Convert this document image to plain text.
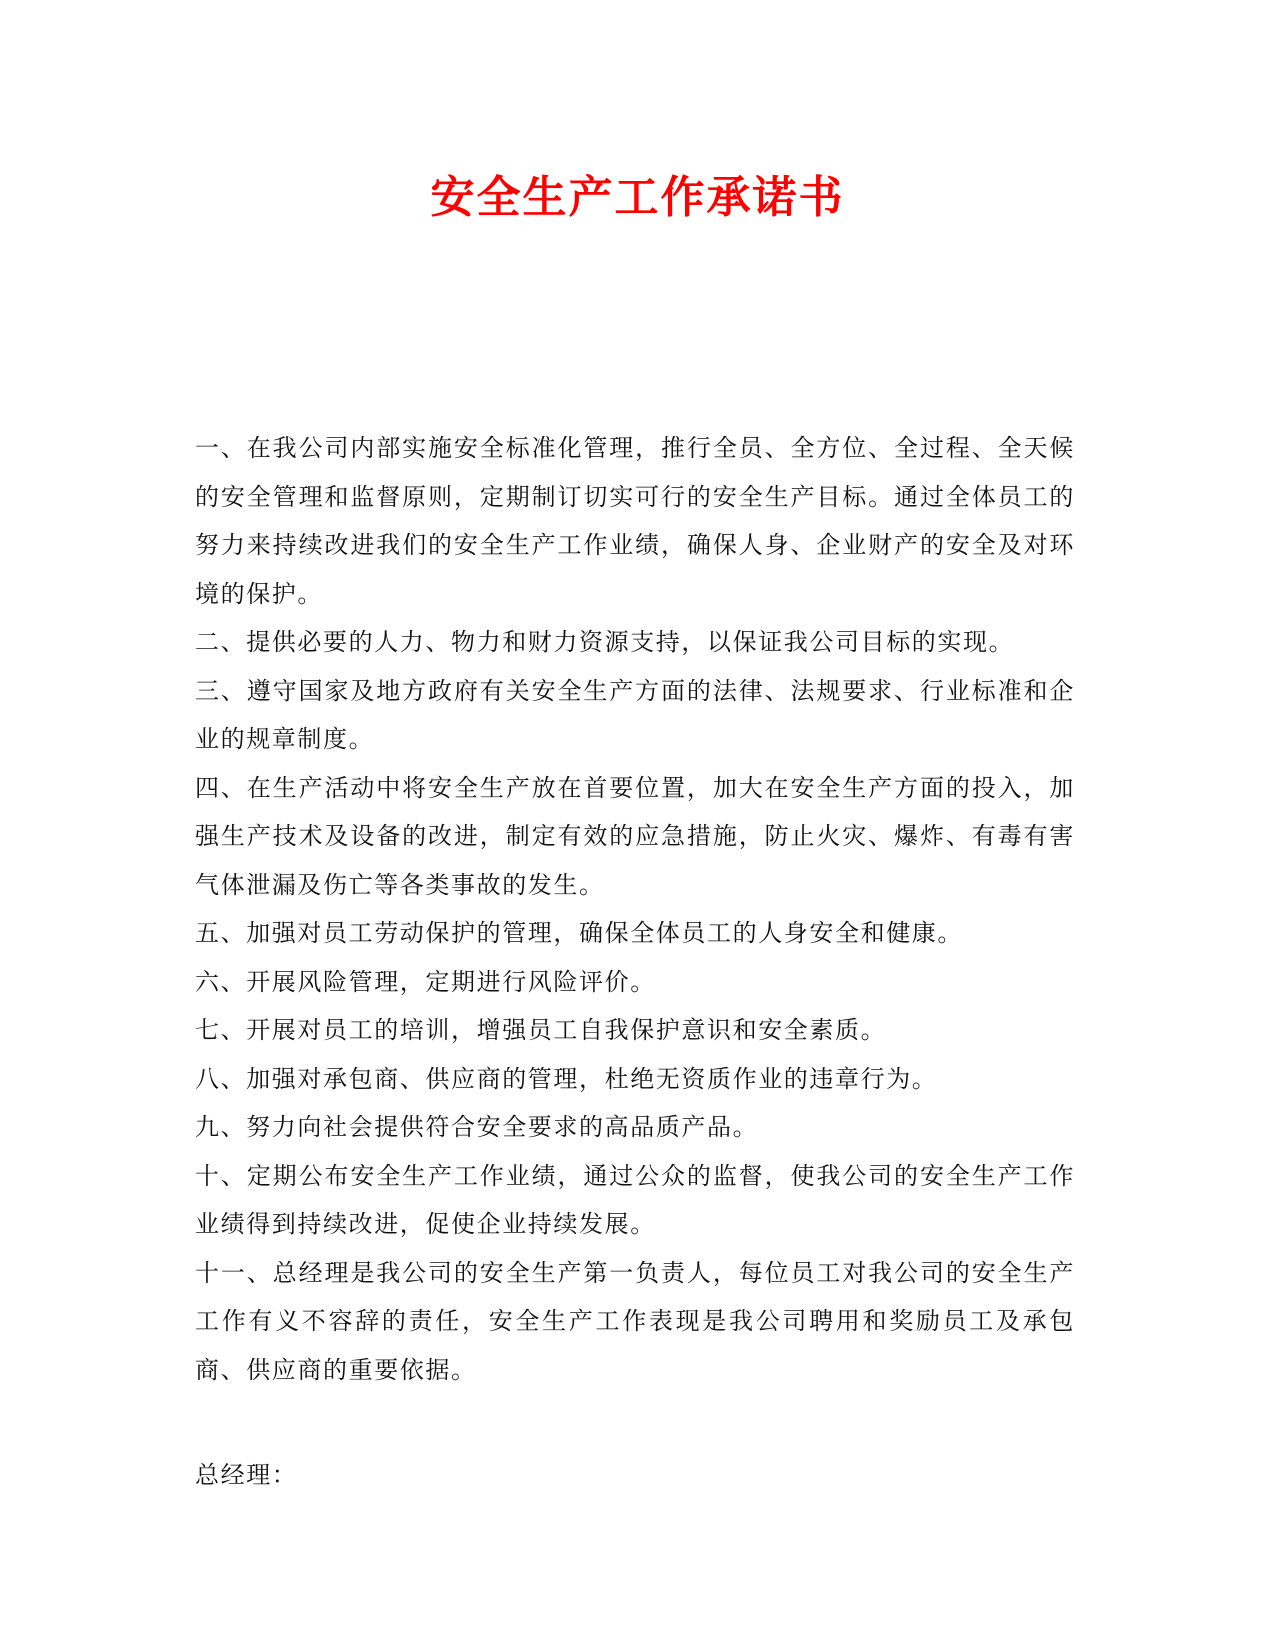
安全生产工作承诺书

一、在我公司内部实施安全标准化管理，推行全员、全方位、全过程、全天候的安全管理和监督原则，定期制订切实可行的安全生产目标。通过全体员工的努力来持续改进我们的安全生产工作业绩，确保人身、企业财产的安全及对环境的保护。

二、提供必要的人力、物力和财力资源支持，以保证我公司目标的实现。

三、遵守国家及地方政府有关安全生产方面的法律、法规要求、行业标准和企业的规章制度。

四、在生产活动中将安全生产放在首要位置，加大在安全生产方面的投入，加强生产技术及设备的改进，制定有效的应急措施，防止火灾、爆炸、有毒有害气体泄漏及伤亡等各类事故的发生。

五、加强对员工劳动保护的管理，确保全体员工的人身安全和健康。

六、开展风险管理，定期进行风险评价。

七、开展对员工的培训，增强员工自我保护意识和安全素质。

八、加强对承包商、供应商的管理，杜绝无资质作业的违章行为。

九、努力向社会提供符合安全要求的高品质产品。

十、定期公布安全生产工作业绩，通过公众的监督，使我公司的安全生产工作业绩得到持续改进，促使企业持续发展。

十一、总经理是我公司的安全生产第一负责人，每位员工对我公司的安全生产工作有义不容辞的责任，安全生产工作表现是我公司聘用和奖励员工及承包商、供应商的重要依据。

总经理：
